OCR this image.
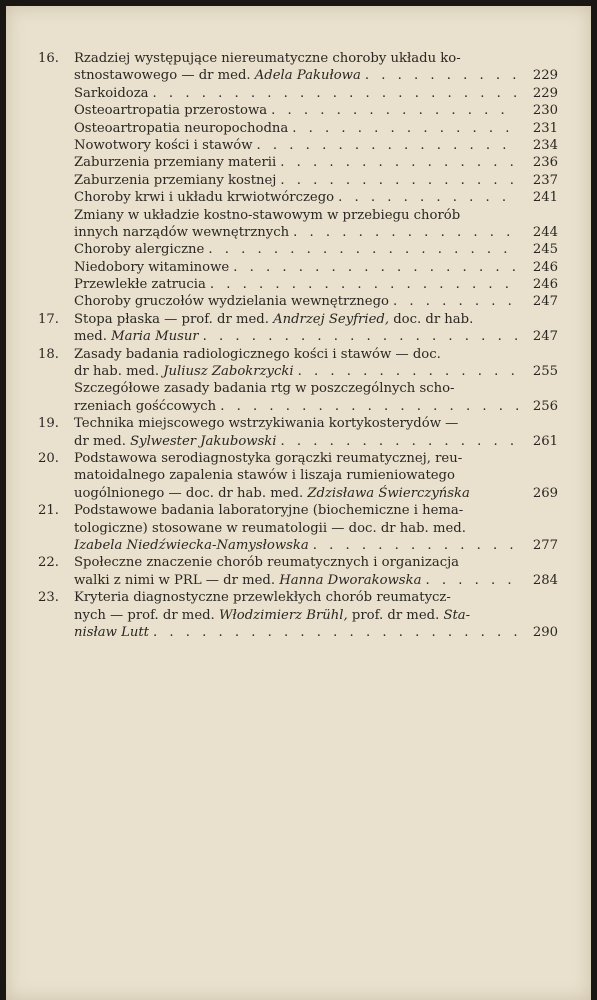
16.	Rzadziej występujące niereumatyczne choroby układu ko-
stnostawowego — dr med. Adela Pakułowa . . .	229
Sarkoidoza . . .	229
Osteoartropatia przerostowa . . .	230
Osteoartropatia neuropochodna . . .	231
Nowotwory kości i stawów . . .	234
Zaburzenia przemiany materii . . .	236
Zaburzenia przemiany kostnej . . .	237
Choroby krwi i układu krwiotwórczego . . .	241
Zmiany w układzie kostno-stawowym w przebiegu chorób
innych narządów wewnętrznych . . .	244
Choroby alergiczne . . .	245
Niedobory witaminowe . . .	246
Przewlekłe zatrucia . . .	246
Choroby gruczołów wydzielania wewnętrznego . . .	247
17.	Stopa płaska — prof. dr med. Andrzej Seyfried, doc. dr hab.
med. Maria Musur . . .	247
18.	Zasady badania radiologicznego kości i stawów — doc.
dr hab. med. Juliusz Zabokrzycki . . .	255
Szczegółowe zasady badania rtg w poszczególnych scho-
rzeniach gośćcowych . . .	256
19.	Technika miejscowego wstrzykiwania kortykosterydów —
dr med. Sylwester Jakubowski . . .	261
20.	Podstawowa serodiagnostyka gorączki reumatycznej, reu-
matoidalnego zapalenia stawów i liszaja rumieniowatego
uogólnionego — doc. dr hab. med. Zdzisława Świerczyńska	269
21.	Podstawowe badania laboratoryjne (biochemiczne i hema-
tologiczne) stosowane w reumatologii — doc. dr hab. med.
Izabela Niedźwiecka-Namysłowska . . .	277
22.	Społeczne znaczenie chorób reumatycznych i organizacja
walki z nimi w PRL — dr med. Hanna Dworakowska . . .	284
23.	Kryteria diagnostyczne przewlekłych chorób reumatycz-
nych — prof. dr med. Włodzimierz Brühl, prof. dr med. Sta-
nisław Lutt . . .	290
